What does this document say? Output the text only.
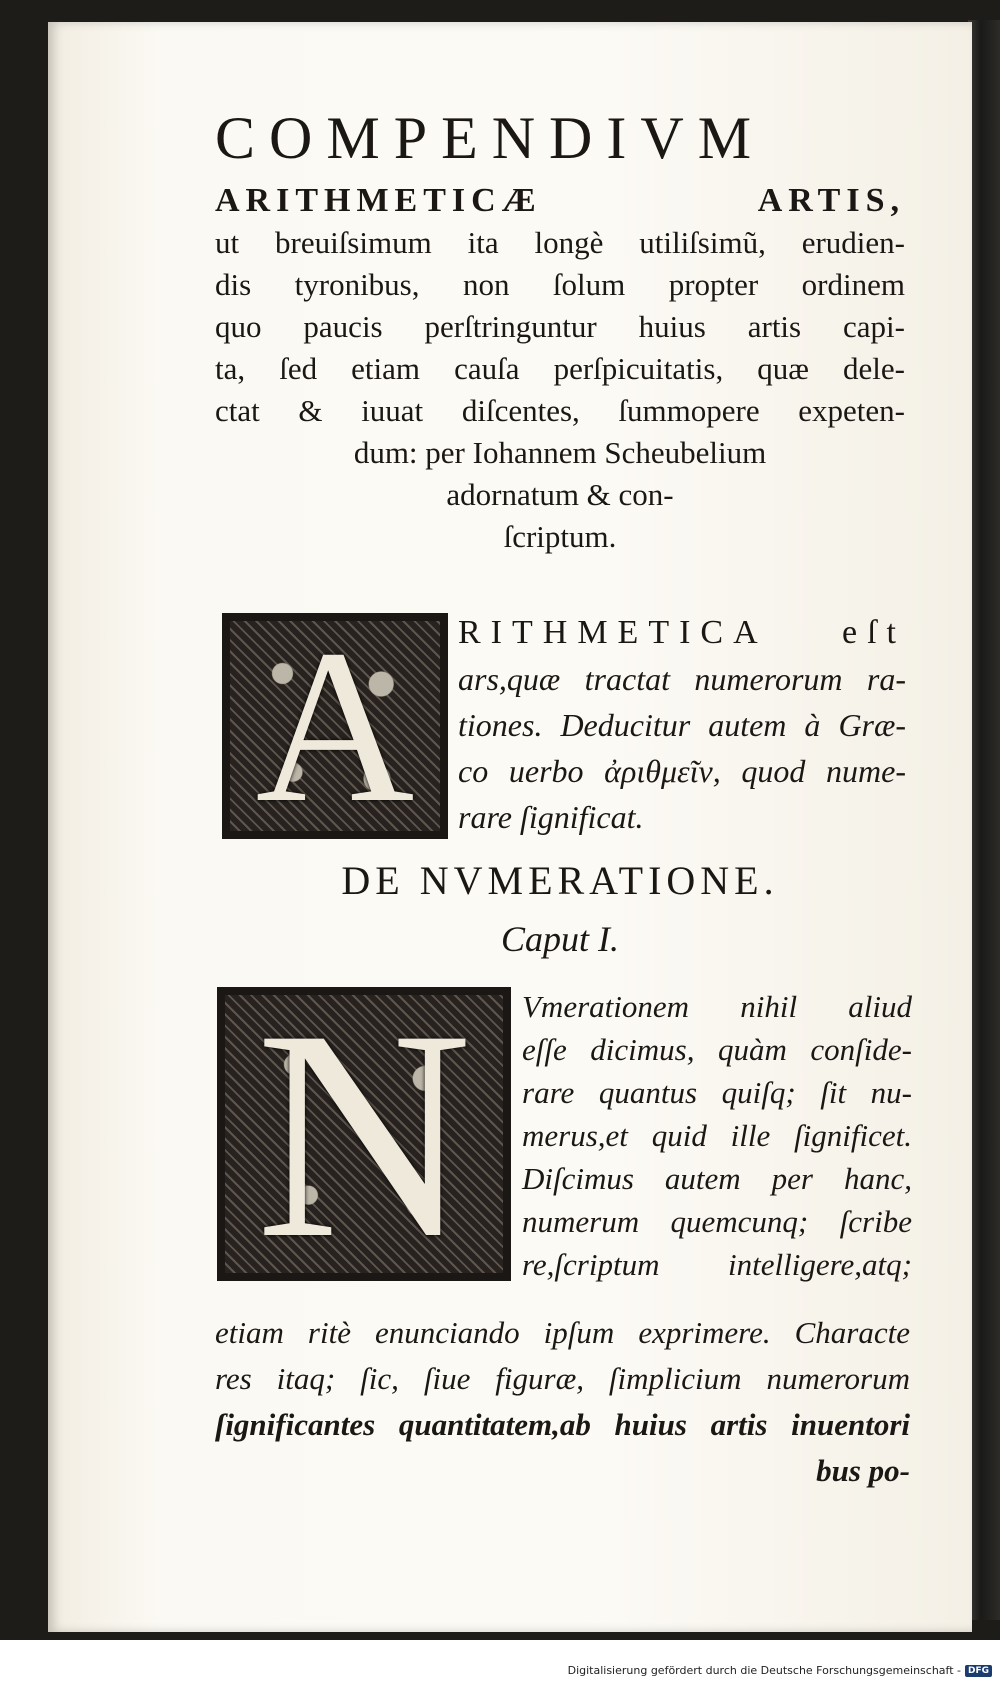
COMPENDIVM
ARITHMETICÆ ARTIS,
ut breuiſsimum ita longè utiliſsimũ, erudien-
dis tyronibus, non ſolum propter ordinem
quo paucis perſtringuntur huius artis capi-
ta, ſed etiam cauſa perſpicuitatis, quæ dele-
ctat & iuuat diſcentes, ſummopere expeten-
dum: per Iohannem Scheubelium
adornatum & con-
ſcriptum.
A RITHMETICA eſt
ars,quæ tractat numerorum ra-
tiones. Deducitur autem à Græ-
co uerbo ἀριθμεῖν, quod nume-
rare ſignificat.
DE NVMERATIONE.
Caput I.
N Vmerationem nihil aliud
eſſe dicimus, quàm conſide-
rare quantus quiſq; ſit nu-
merus,et quid ille ſignificet.
Diſcimus autem per hanc,
numerum quemcunq; ſcribe
re,ſcriptum intelligere,atq;
etiam ritè enunciando ipſum exprimere. Characte
res itaq; ſic, ſiue figuræ, ſimplicium numerorum
ſignificantes quantitatem,ab huius artis inuentori
bus po-
Digitalisierung gefördert durch die Deutsche Forschungsgemeinschaft - DFG
